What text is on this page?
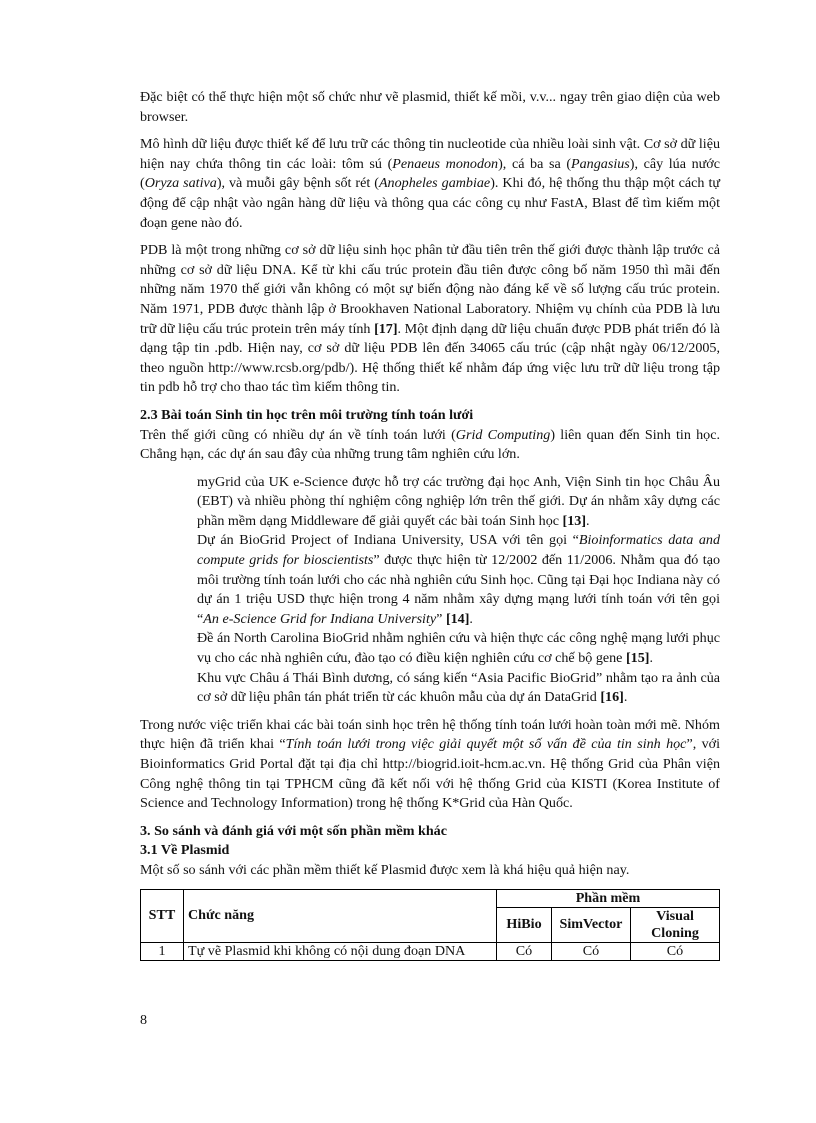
Đặc biệt có thể thực hiện một số chức như vẽ plasmid, thiết kế mồi, v.v... ngay trên giao diện của web browser.

Mô hình dữ liệu được thiết kế để lưu trữ các thông tin nucleotide của nhiều loài sinh vật. Cơ sở dữ liệu hiện nay chứa thông tin các loài: tôm sú (Penaeus monodon), cá ba sa (Pangasius), cây lúa nước (Oryza sativa), và muỗi gây bệnh sốt rét (Anopheles gambiae). Khi đó, hệ thống thu thập một cách tự động để cập nhật vào ngân hàng dữ liệu và thông qua các công cụ như FastA, Blast để tìm kiếm một đoạn gene nào đó.

PDB là một trong những cơ sở dữ liệu sinh học phân tử đầu tiên trên thế giới được thành lập trước cả những cơ sở dữ liệu DNA. Kể từ khi cấu trúc protein đầu tiên được công bố năm 1950 thì mãi đến những năm 1970 thế giới vẫn không có một sự biến động nào đáng kể về số lượng cấu trúc protein. Năm 1971, PDB được thành lập ở Brookhaven National Laboratory. Nhiệm vụ chính của PDB là lưu trữ dữ liệu cấu trúc protein trên máy tính [17]. Một định dạng dữ liệu chuẩn được PDB phát triển đó là dạng tập tin .pdb. Hiện nay, cơ sở dữ liệu PDB lên đến 34065 cấu trúc (cập nhật ngày 06/12/2005, theo nguồn http://www.rcsb.org/pdb/). Hệ thống thiết kế nhằm đáp ứng việc lưu trữ dữ liệu trong tập tin pdb hỗ trợ cho thao tác tìm kiếm thông tin.

2.3 Bài toán Sinh tin học trên môi trường tính toán lưới

Trên thế giới cũng có nhiều dự án về tính toán lưới (Grid Computing) liên quan đến Sinh tin học. Chẳng hạn, các dự án sau đây của những trung tâm nghiên cứu lớn.

myGrid của UK e-Science được hỗ trợ các trường đại học Anh, Viện Sinh tin học Châu Âu (EBT) và nhiều phòng thí nghiệm công nghiệp lớn trên thế giới. Dự án nhằm xây dựng các phần mềm dạng Middleware để giải quyết các bài toán Sinh học [13].

Dự án BioGrid Project of Indiana University, USA với tên gọi “Bioinformatics data and compute grids for bioscientists” được thực hiện từ 12/2002 đến 11/2006. Nhằm qua đó tạo môi trường tính toán lưới cho các nhà nghiên cứu Sinh học. Cũng tại Đại học Indiana này có dự án 1 triệu USD thực hiện trong 4 năm nhằm xây dựng mạng lưới tính toán với tên gọi “An e-Science Grid for Indiana University” [14].

Đề án North Carolina BioGrid nhằm nghiên cứu và hiện thực các công nghệ mạng lưới phục vụ cho các nhà nghiên cứu, đào tạo có điều kiện nghiên cứu cơ chế bộ gene [15].

Khu vực Châu á Thái Bình dương, có sáng kiến “Asia Pacific BioGrid” nhằm tạo ra ảnh của cơ sở dữ liệu phân tán phát triển từ các khuôn mẫu của dự án DataGrid [16].

Trong nước việc triển khai các bài toán sinh học trên hệ thống tính toán lưới hoàn toàn mới mẽ. Nhóm thực hiện đã triển khai “Tính toán lưới trong việc giải quyết một số vấn đề của tin sinh học”, với Bioinformatics Grid Portal đặt tại địa chỉ http://biogrid.ioit-hcm.ac.vn. Hệ thống Grid của Phân viện Công nghệ thông tin tại TPHCM cũng đã kết nối với hệ thống Grid của KISTI (Korea Institute of Science and Technology Information) trong hệ thống K*Grid của Hàn Quốc.

3. So sánh và đánh giá với một sốn phần mềm khác
3.1 Về Plasmid

Một số so sánh với các phần mềm thiết kế Plasmid được xem là khá hiệu quả hiện nay.

STT	Chức năng	Phần mềm		
		HiBio	SimVector	Visual Cloning
1	Tự vẽ Plasmid khi không có nội dung đoạn DNA	Có	Có	Có
8
